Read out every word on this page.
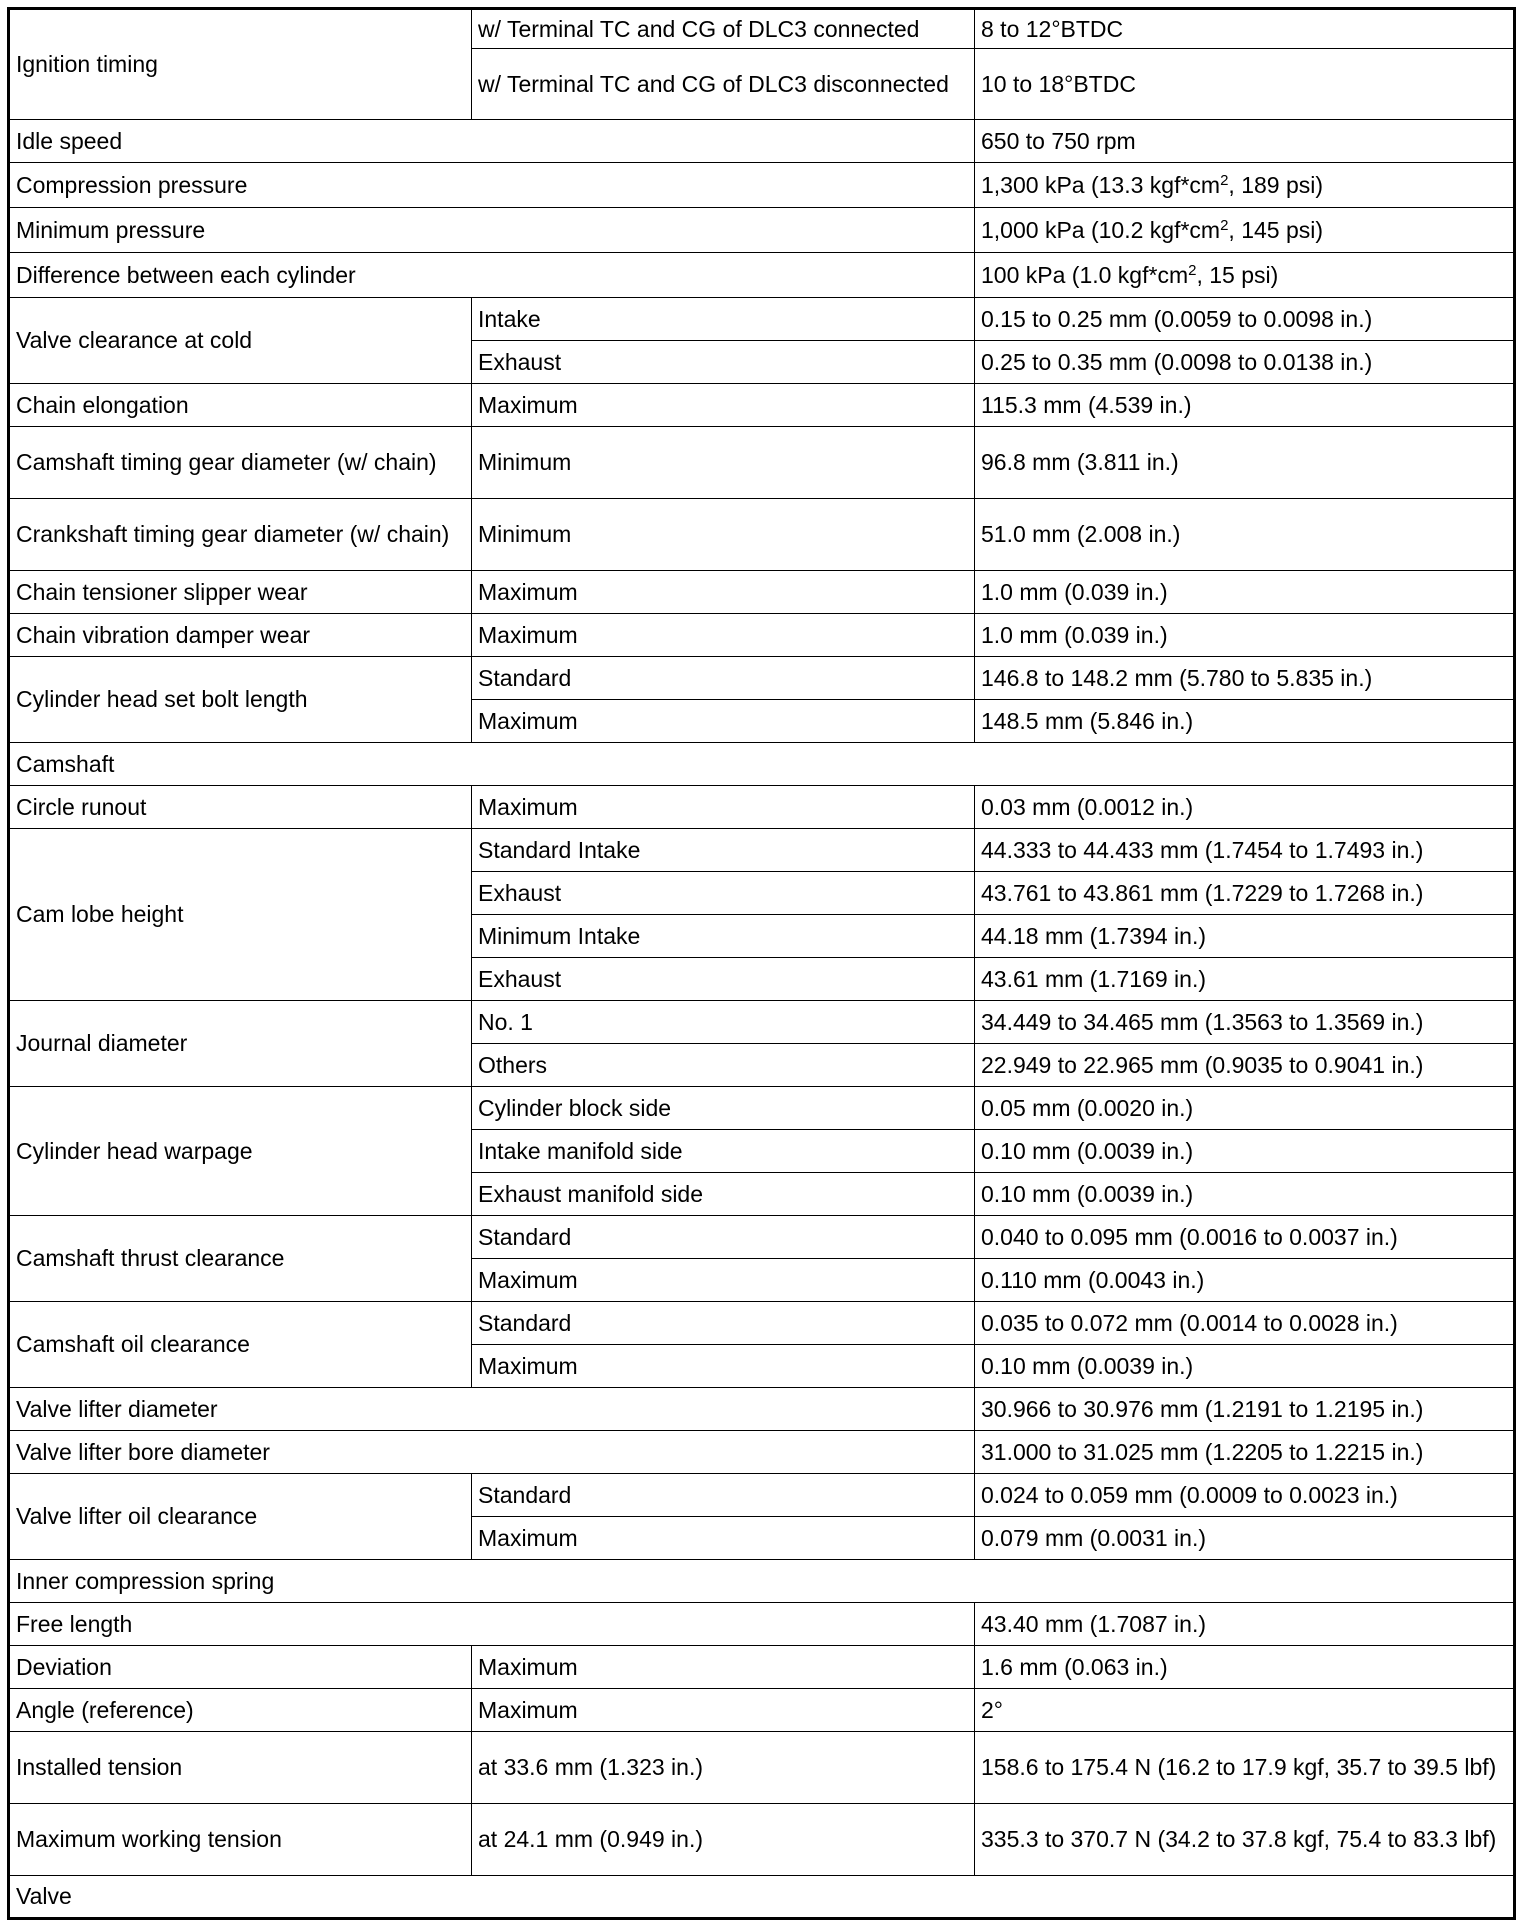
Ignition timing	w/ Terminal TC and CG of DLC3 connected	8 to 12°BTDC
	w/ Terminal TC and CG of DLC3 disconnected	10 to 18°BTDC
Idle speed		650 to 750 rpm
Compression pressure		1,300 kPa (13.3 $kgf*cm^2$, 189 psi)
Minimum pressure		1,000 kPa (10.2 $kgf*cm^2$, 145 psi)
Difference between each cylinder		100 kPa (1.0 $kgf*cm^2$, 15 psi)
Valve clearance at cold	Intake	0.15 to 0.25 mm (0.0059 to 0.0098 in.)
	Exhaust	0.25 to 0.35 mm (0.0098 to 0.0138 in.)
Chain elongation	Maximum	115.3 mm (4.539 in.)
Camshaft timing gear diameter (w/ chain)	Minimum	96.8 mm (3.811 in.)
Crankshaft timing gear diameter (w/ chain)	Minimum	51.0 mm (2.008 in.)
Chain tensioner slipper wear	Maximum	1.0 mm (0.039 in.)
Chain vibration damper wear	Maximum	1.0 mm (0.039 in.)
Cylinder head set bolt length	Standard	146.8 to 148.2 mm (5.780 to 5.835 in.)
	Maximum	148.5 mm (5.846 in.)
Camshaft		
Circle runout	Maximum	0.03 mm (0.0012 in.)
Cam lobe height	Standard Intake	44.333 to 44.433 mm (1.7454 to 1.7493 in.)
	Exhaust	43.761 to 43.861 mm (1.7229 to 1.7268 in.)
	Minimum Intake	44.18 mm (1.7394 in.)
	Exhaust	43.61 mm (1.7169 in.)
Journal diameter	No. 1	34.449 to 34.465 mm (1.3563 to 1.3569 in.)
	Others	22.949 to 22.965 mm (0.9035 to 0.9041 in.)
Cylinder head warpage	Cylinder block side	0.05 mm (0.0020 in.)
	Intake manifold side	0.10 mm (0.0039 in.)
	Exhaust manifold side	0.10 mm (0.0039 in.)
Camshaft thrust clearance	Standard	0.040 to 0.095 mm (0.0016 to 0.0037 in.)
	Maximum	0.110 mm (0.0043 in.)
Camshaft oil clearance	Standard	0.035 to 0.072 mm (0.0014 to 0.0028 in.)
	Maximum	0.10 mm (0.0039 in.)
Valve lifter diameter		30.966 to 30.976 mm (1.2191 to 1.2195 in.)
Valve lifter bore diameter		31.000 to 31.025 mm (1.2205 to 1.2215 in.)
Valve lifter oil clearance	Standard	0.024 to 0.059 mm (0.0009 to 0.0023 in.)
	Maximum	0.079 mm (0.0031 in.)
Inner compression spring		
Free length		43.40 mm (1.7087 in.)
Deviation	Maximum	1.6 mm (0.063 in.)
Angle (reference)	Maximum	2°
Installed tension	at 33.6 mm (1.323 in.)	158.6 to 175.4 N (16.2 to 17.9 kgf, 35.7 to 39.5 lbf)
Maximum working tension	at 24.1 mm (0.949 in.)	335.3 to 370.7 N (34.2 to 37.8 kgf, 75.4 to 83.3 lbf)
Valve		
